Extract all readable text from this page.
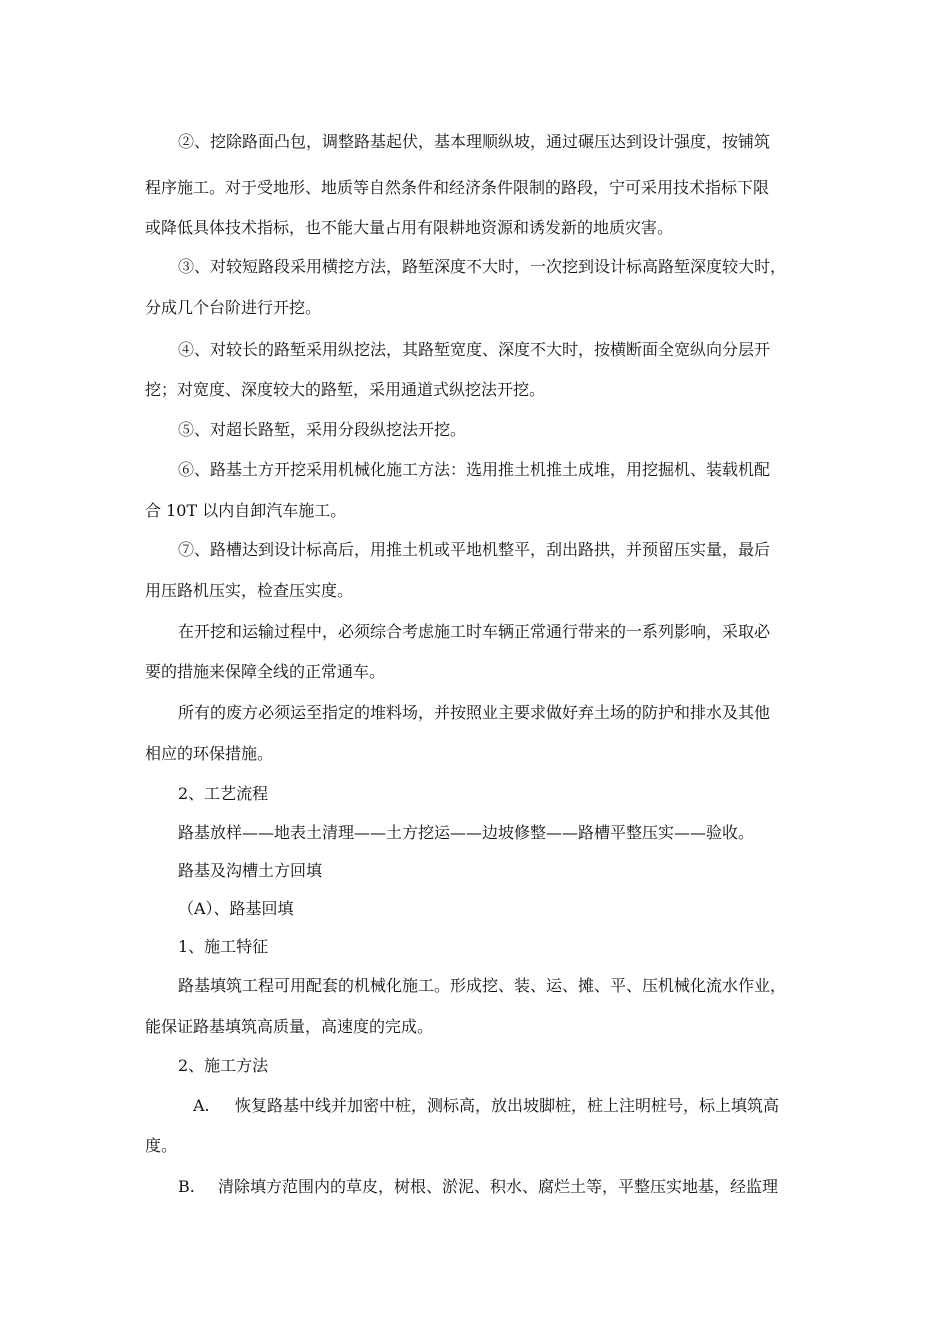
②、挖除路面凸包，调整路基起伏，基本理顺纵坡，通过碾压达到设计强度，按铺筑
程序施工。对于受地形、地质等自然条件和经济条件限制的路段，宁可采用技术指标下限
或降低具体技术指标，也不能大量占用有限耕地资源和诱发新的地质灾害。
③、对较短路段采用横挖方法，路堑深度不大时，一次挖到设计标高路堑深度较大时，
分成几个台阶进行开挖。
④、对较长的路堑采用纵挖法，其路堑宽度、深度不大时，按横断面全宽纵向分层开
挖；对宽度、深度较大的路堑，采用通道式纵挖法开挖。
⑤、对超长路堑，采用分段纵挖法开挖。
⑥、路基土方开挖采用机械化施工方法：选用推土机推土成堆，用挖掘机、装载机配
合 10T 以内自卸汽车施工。
⑦、路槽达到设计标高后，用推土机或平地机整平，刮出路拱，并预留压实量，最后
用压路机压实，检查压实度。
在开挖和运输过程中，必须综合考虑施工时车辆正常通行带来的一系列影响，采取必
要的措施来保障全线的正常通车。
所有的废方必须运至指定的堆料场，并按照业主要求做好弃土场的防护和排水及其他
相应的环保措施。
2、工艺流程
路基放样——地表土清理——土方挖运——边坡修整——路槽平整压实——验收。
路基及沟槽土方回填
（A）、路基回填
1、施工特征
路基填筑工程可用配套的机械化施工。形成挖、装、运、摊、平、压机械化流水作业，
能保证路基填筑高质量，高速度的完成。
2、施工方法
A. 恢复路基中线并加密中桩，测标高，放出坡脚桩，桩上注明桩号，标上填筑高
度。
B. 清除填方范围内的草皮，树根、淤泥、积水、腐烂土等，平整压实地基，经监理
